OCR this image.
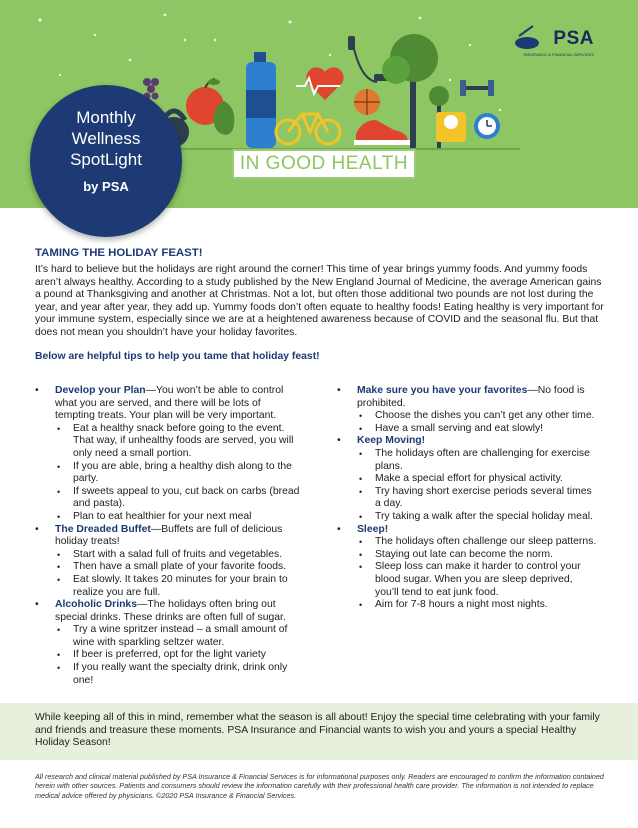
PSA
INSURANCE & FINANCIAL SERVICES
IN GOOD HEALTH
Monthly
Wellness
SpotLight
by PSA
TAMING THE HOLIDAY FEAST!
It’s hard to believe but the holidays are right around the corner! This time of year brings yummy foods. And yummy foods aren’t always healthy. According to a study published by the New England Journal of Medicine, the average American gains a pound at Thanksgiving and another at Christmas. Not a lot, but often those additional two pounds are not lost during the year, and year after year, they add up. Yummy foods don’t often equate to healthy foods! Eating healthy is very important for your immune system, especially since we are at a heightened awareness because of COVID and the seasonal flu. But that does not mean you shouldn’t have your holiday favorites.
Below are helpful tips to help you tame that holiday feast!
• Develop your Plan—You won’t be able to control what you are served, and there will be lots of tempting treats. Your plan will be very important.
• Eat a healthy snack before going to the event. That way, if unhealthy foods are served, you will only need a small portion.
• If you are able, bring a healthy dish along to the party.
• If sweets appeal to you, cut back on carbs (bread and pasta).
• Plan to eat healthier for your next meal
• The Dreaded Buffet—Buffets are full of delicious holiday treats!
• Start with a salad full of fruits and vegetables.
• Then have a small plate of your favorite foods.
• Eat slowly. It takes 20 minutes for your brain to realize you are full.
• Alcoholic Drinks—The holidays often bring out special drinks. These drinks are often full of sugar.
• Try a wine spritzer instead – a small amount of wine with sparkling seltzer water.
• If beer is preferred, opt for the light variety
• If you really want the specialty drink, drink only one!
• Make sure you have your favorites—No food is prohibited.
• Choose the dishes you can’t get any other time.
• Have a small serving and eat slowly!
• Keep Moving!
• The holidays often are challenging for exercise plans.
• Make a special effort for physical activity.
• Try having short exercise periods several times a day.
• Try taking a walk after the special holiday meal.
• Sleep!
• The holidays often challenge our sleep patterns.
• Staying out late can become the norm.
• Sleep loss can make it harder to control your blood sugar. When you are sleep deprived, you’ll tend to eat junk food.
• Aim for 7-8 hours a night most nights.
While keeping all of this in mind, remember what the season is all about! Enjoy the special time celebrating with your family and friends and treasure these moments. PSA Insurance and Financial wants to wish you and yours a special Healthy Holiday Season!
All research and clinical material published by PSA Insurance & Financial Services is for informational purposes only. Readers are encouraged to confirm the information contained herein with other sources. Patients and consumers should review the information carefully with their professional health care provider. The information is not intended to replace medical advice offered by physicians. ©2020 PSA Insurance & Financial Services.
